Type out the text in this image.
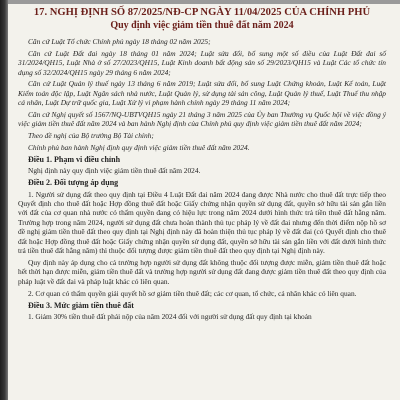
17. NGHỊ ĐỊNH SỐ 87/2025/NĐ-CP NGÀY 11/04/2025 CỦA CHÍNH PHỦ
Quy định việc giảm tiền thuê đất năm 2024

Căn cứ Luật Tổ chức Chính phủ ngày 18 tháng 02 năm 2025;

Căn cứ Luật Đất đai ngày 18 tháng 01 năm 2024; Luật sửa đổi, bổ sung một số điều của Luật Đất đai số 31/2024/QH15, Luật Nhà ở số 27/2023/QH15, Luật Kinh doanh bất động sản số 29/2023/QH15 và Luật Các tổ chức tín dụng số 32/2024/QH15 ngày 29 tháng 6 năm 2024;

Căn cứ Luật Quản lý thuế ngày 13 tháng 6 năm 2019; Luật sửa đổi, bổ sung Luật Chứng khoán, Luật Kế toán, Luật Kiểm toán độc lập, Luật Ngân sách nhà nước, Luật Quản lý, sử dụng tài sản công, Luật Quản lý thuế, Luật Thuế thu nhập cá nhân, Luật Dự trữ quốc gia, Luật Xử lý vi phạm hành chính ngày 29 tháng 11 năm 2024;

Căn cứ Nghị quyết số 1567/NQ-UBTVQH15 ngày 21 tháng 3 năm 2025 của Ủy ban Thường vụ Quốc hội về việc đồng ý việc giảm tiền thuê đất năm 2024 và ban hành Nghị định của Chính phủ quy định việc giảm tiền thuê đất năm 2024;

Theo đề nghị của Bộ trưởng Bộ Tài chính;

Chính phủ ban hành Nghị định quy định việc giảm tiền thuê đất năm 2024.

Điều 1. Phạm vi điều chỉnh

Nghị định này quy định việc giảm tiền thuê đất năm 2024.

Điều 2. Đối tượng áp dụng

1. Người sử dụng đất theo quy định tại Điều 4 Luật Đất đai năm 2024 đang được Nhà nước cho thuê đất trực tiếp theo Quyết định cho thuê đất hoặc Hợp đồng thuê đất hoặc Giấy chứng nhận quyền sử dụng đất, quyền sở hữu tài sản gắn liền với đất của cơ quan nhà nước có thẩm quyền đang có hiệu lực trong năm 2024 dưới hình thức trả tiền thuê đất hằng năm. Trường hợp trong năm 2024, người sử dụng đất chưa hoàn thành thủ tục pháp lý về đất đai nhưng đến thời điểm nộp hồ sơ đề nghị giảm tiền thuê đất theo quy định tại Nghị định này đã hoàn thiện thủ tục pháp lý về đất đai (có Quyết định cho thuê đất hoặc Hợp đồng thuê đất hoặc Giấy chứng nhận quyền sử dụng đất, quyền sở hữu tài sản gắn liền với đất dưới hình thức trả tiền thuê đất hằng năm) thì thuộc đối tượng được giảm tiền thuê đất theo quy định tại Nghị định này.

Quy định này áp dụng cho cả trường hợp người sử dụng đất không thuộc đối tượng được miễn, giảm tiền thuê đất hoặc hết thời hạn được miễn, giảm tiền thuê đất và trường hợp người sử dụng đất đang được giảm tiền thuê đất theo quy định của pháp luật về đất đai và pháp luật khác có liên quan.

2. Cơ quan có thẩm quyền giải quyết hồ sơ giảm tiền thuê đất; các cơ quan, tổ chức, cá nhân khác có liên quan.

Điều 3. Mức giảm tiền thuê đất

1. Giảm 30% tiền thuê đất phải nộp của năm 2024 đối với người sử dụng đất quy định tại khoản
